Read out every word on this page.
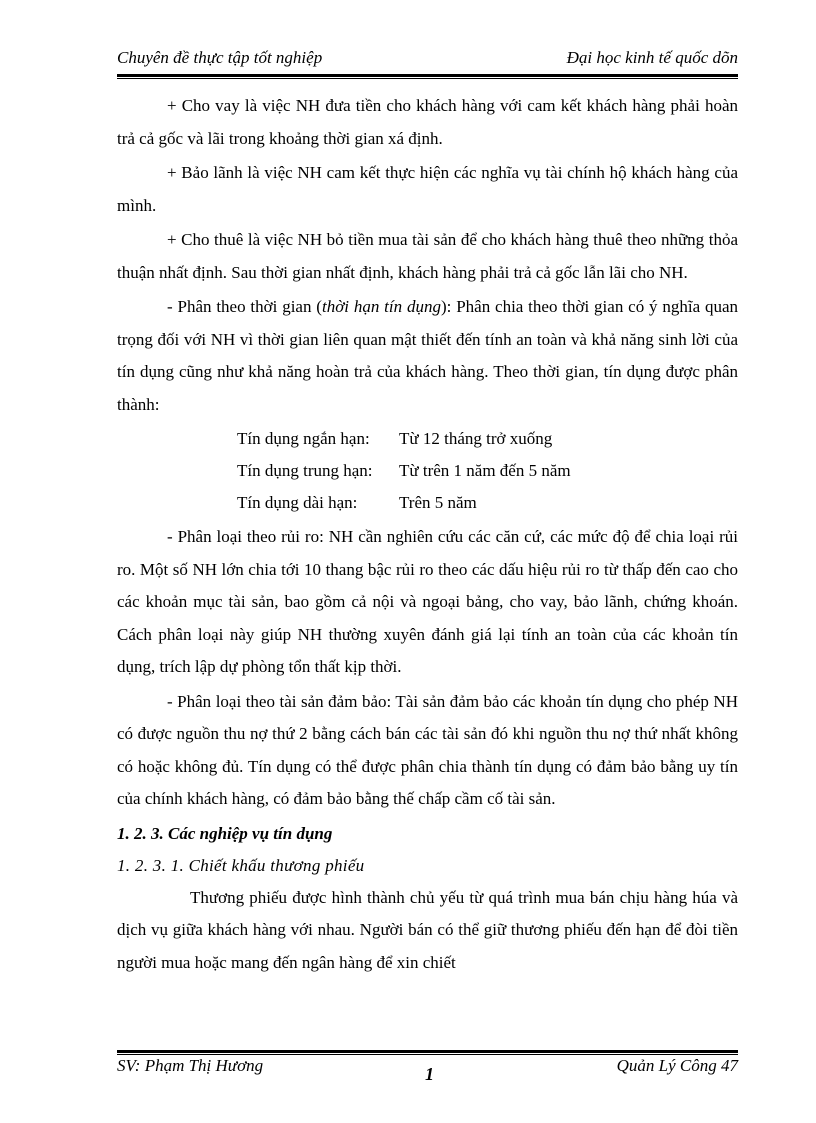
Chuyên đề thực tập tốt nghiệp	Đại học kinh tế quốc dõn

+ Cho vay là việc NH đưa tiền cho khách hàng với cam kết khách hàng phải hoàn trả cả gốc và lãi trong khoảng thời gian xá định.

+ Bảo lãnh là việc NH cam kết thực hiện các nghĩa vụ tài chính hộ khách hàng của mình.

+ Cho thuê là việc NH bỏ tiền mua tài sản để cho khách hàng thuê theo những thỏa thuận nhất định. Sau thời gian nhất định, khách hàng phải trả cả gốc lẫn lãi cho NH.

- Phân theo thời gian (thời hạn tín dụng): Phân chia theo thời gian có ý nghĩa quan trọng đối với NH vì thời gian liên quan mật thiết đến tính an toàn và khả năng sinh lời của tín dụng cũng như khả năng hoàn trả của khách hàng. Theo thời gian, tín dụng được phân thành:

Tín dụng ngắn hạn:	Từ 12 tháng trở xuống
Tín dụng trung hạn:	Từ trên 1 năm đến 5 năm
Tín dụng dài hạn:	Trên 5 năm

- Phân loại theo rủi ro: NH cần nghiên cứu các căn cứ, các mức độ để chia loại rủi ro. Một số NH lớn chia tới 10 thang bậc rủi ro theo các dấu hiệu rủi ro từ thấp đến cao cho các khoản mục tài sản, bao gồm cả nội và ngoại bảng, cho vay, bảo lãnh, chứng khoán. Cách phân loại này giúp NH thường xuyên đánh giá lại tính an toàn của các khoản tín dụng, trích lập dự phòng tổn thất kịp thời.

- Phân loại theo tài sản đảm bảo: Tài sản đảm bảo các khoản tín dụng cho phép NH có được nguồn thu nợ thứ 2 bằng cách bán các tài sản đó khi nguồn thu nợ thứ nhất không có hoặc không đủ. Tín dụng có thể được phân chia thành tín dụng có đảm bảo bằng uy tín của chính khách hàng, có đảm bảo bằng thế chấp cầm cố tài sản.

1. 2. 3. Các nghiệp vụ tín dụng

1. 2. 3. 1. Chiết khấu thương phiếu

Thương phiếu được hình thành chủ yếu từ quá trình mua bán chịu hàng húa và dịch vụ giữa khách hàng với nhau. Người bán có thể giữ thương phiếu đến hạn để đòi tiền người mua hoặc mang đến ngân hàng để xin chiết

SV: Phạm Thị Hương	1	Quản Lý Công 47
